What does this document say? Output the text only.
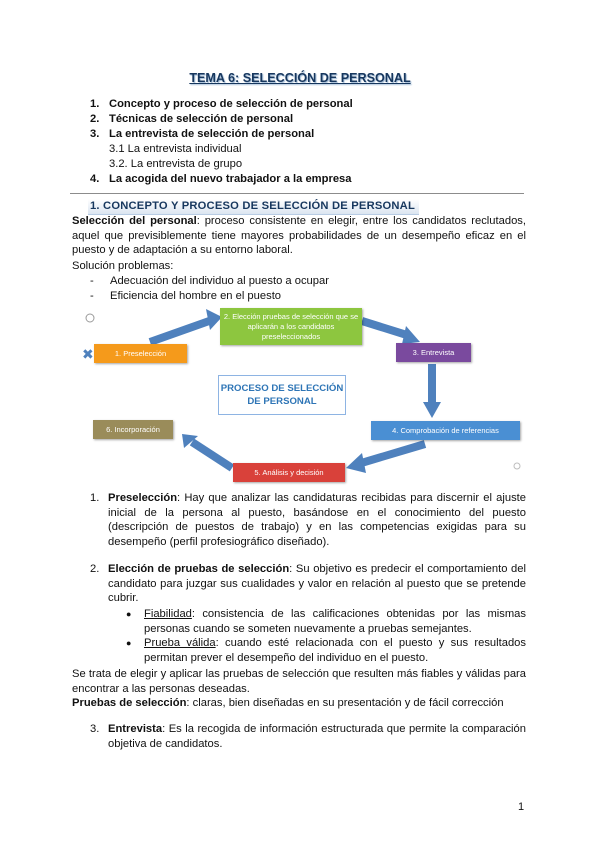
TEMA 6: SELECCIÓN DE PERSONAL
1. Concepto y proceso de selección de personal
2. Técnicas de selección de personal
3. La entrevista de selección de personal
3.1 La entrevista individual
3.2. La entrevista de grupo
4. La acogida del nuevo trabajador a la empresa
1. CONCEPTO Y PROCESO DE SELECCIÓN DE PERSONAL
Selección del personal: proceso consistente en elegir, entre los candidatos reclutados, aquel que previsiblemente tiene mayores probabilidades de un desempeño eficaz en el puesto y de adaptación a su entorno laboral.
Solución problemas:
-	Adecuación del individuo al puesto a ocupar
-	Eficiencia del hombre en el puesto
✖	1. Preselección
2. Elección pruebas de selección que se aplicarán a los candidatos preseleccionados
3. Entrevista
PROCESO DE SELECCIÓN DE PERSONAL
4. Comprobación de referencias
6. Incorporación
5. Análisis y decisión
1. Preselección: Hay que analizar las candidaturas recibidas para discernir el ajuste inicial de la persona al puesto, basándose en el conocimiento del puesto (descripción de puestos de trabajo) y en las competencias exigidas para su desempeño (perfil profesiográfico diseñado).
2. Elección de pruebas de selección: Su objetivo es predecir el comportamiento del candidato para juzgar sus cualidades y valor en relación al puesto que se pretende cubrir.
●	Fiabilidad: consistencia de las calificaciones obtenidas por las mismas personas cuando se someten nuevamente a pruebas semejantes.
●	Prueba válida: cuando esté relacionada con el puesto y sus resultados permitan prever el desempeño del individuo en el puesto.
Se trata de elegir y aplicar las pruebas de selección que resulten más fiables y válidas para encontrar a las personas deseadas.
Pruebas de selección: claras, bien diseñadas en su presentación y de fácil corrección
3. Entrevista: Es la recogida de información estructurada que permite la comparación objetiva de candidatos.
1
